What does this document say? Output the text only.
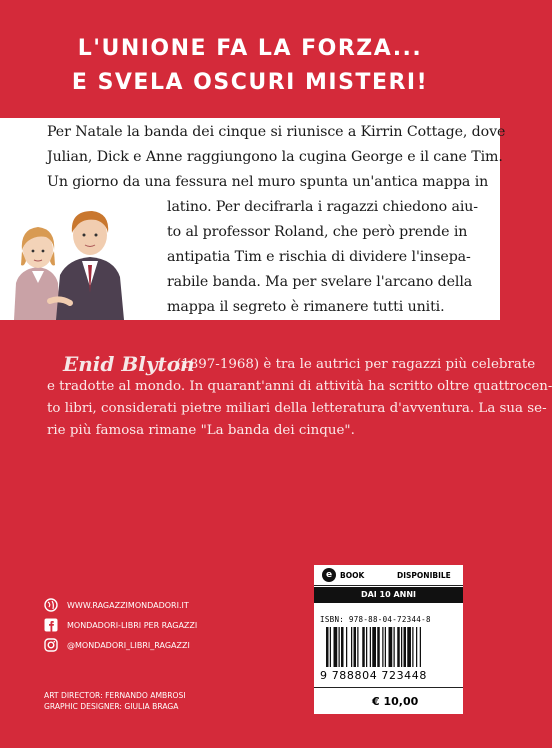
L'UNIONE FA LA FORZA...
E SVELA OSCURI MISTERI!
Per Natale la banda dei cinque si riunisce a Kirrin Cottage, dove
Julian, Dick e Anne raggiungono la cugina George e il cane Tim.
Un giorno da una fessura nel muro spunta un'antica mappa in
latino. Per decifrarla i ragazzi chiedono aiu-
to al professor Roland, che però prende in
antipatia Tim e rischia di dividere l'insepa-
rabile banda. Ma per svelare l'arcano della
mappa il segreto è rimanere tutti uniti.
Enid Blyton
(1897-1968) è tra le autrici per ragazzi più celebrate
e tradotte al mondo. In quarant'anni di attività ha scritto oltre quattrocen-
to libri, considerati pietre miliari della letteratura d'avventura. La sua se-
rie più famosa rimane "La banda dei cinque".
WWW.RAGAZZIMONDADORI.IT
MONDADORI-LIBRI PER RAGAZZI
@MONDADORI_LIBRI_RAGAZZI
ART DIRECTOR: FERNANDO AMBROSI
GRAPHIC DESIGNER: GIULIA BRAGA
e	BOOK	DISPONIBILE
DAI 10 ANNI
ISBN: 978-88-04-72344-8
9 788804 723448
€ 10,00
